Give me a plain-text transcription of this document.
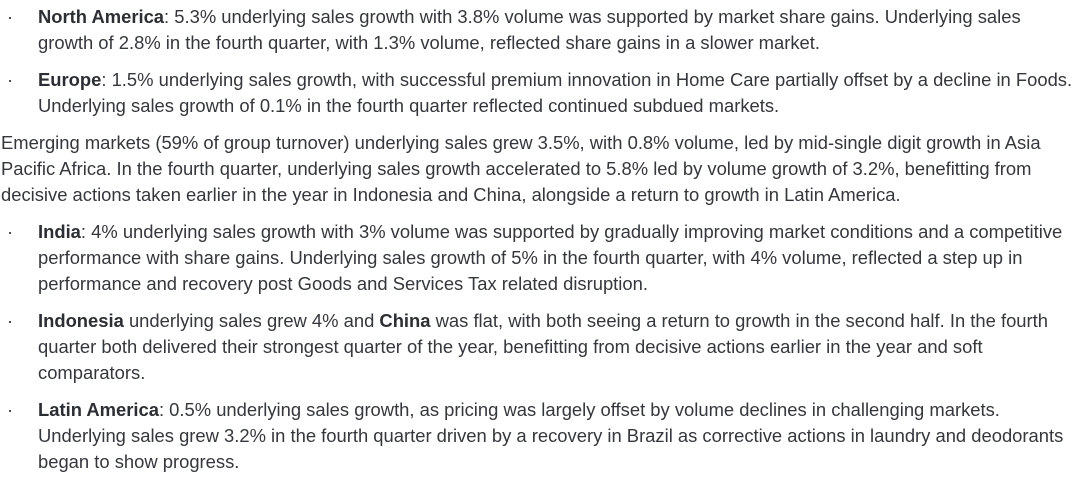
·	North America: 5.3% underlying sales growth with 3.8% volume was supported by market share gains. Underlying sales growth of 2.8% in the fourth quarter, with 1.3% volume, reflected share gains in a slower market.
·	Europe: 1.5% underlying sales growth, with successful premium innovation in Home Care partially offset by a decline in Foods. Underlying sales growth of 0.1% in the fourth quarter reflected continued subdued markets.
Emerging markets (59% of group turnover) underlying sales grew 3.5%, with 0.8% volume, led by mid-single digit growth in Asia Pacific Africa. In the fourth quarter, underlying sales growth accelerated to 5.8% led by volume growth of 3.2%, benefitting from decisive actions taken earlier in the year in Indonesia and China, alongside a return to growth in Latin America.
·	India: 4% underlying sales growth with 3% volume was supported by gradually improving market conditions and a competitive performance with share gains. Underlying sales growth of 5% in the fourth quarter, with 4% volume, reflected a step up in performance and recovery post Goods and Services Tax related disruption.
·	Indonesia underlying sales grew 4% and China was flat, with both seeing a return to growth in the second half. In the fourth quarter both delivered their strongest quarter of the year, benefitting from decisive actions earlier in the year and soft comparators.
·	Latin America: 0.5% underlying sales growth, as pricing was largely offset by volume declines in challenging markets. Underlying sales grew 3.2% in the fourth quarter driven by a recovery in Brazil as corrective actions in laundry and deodorants began to show progress.
